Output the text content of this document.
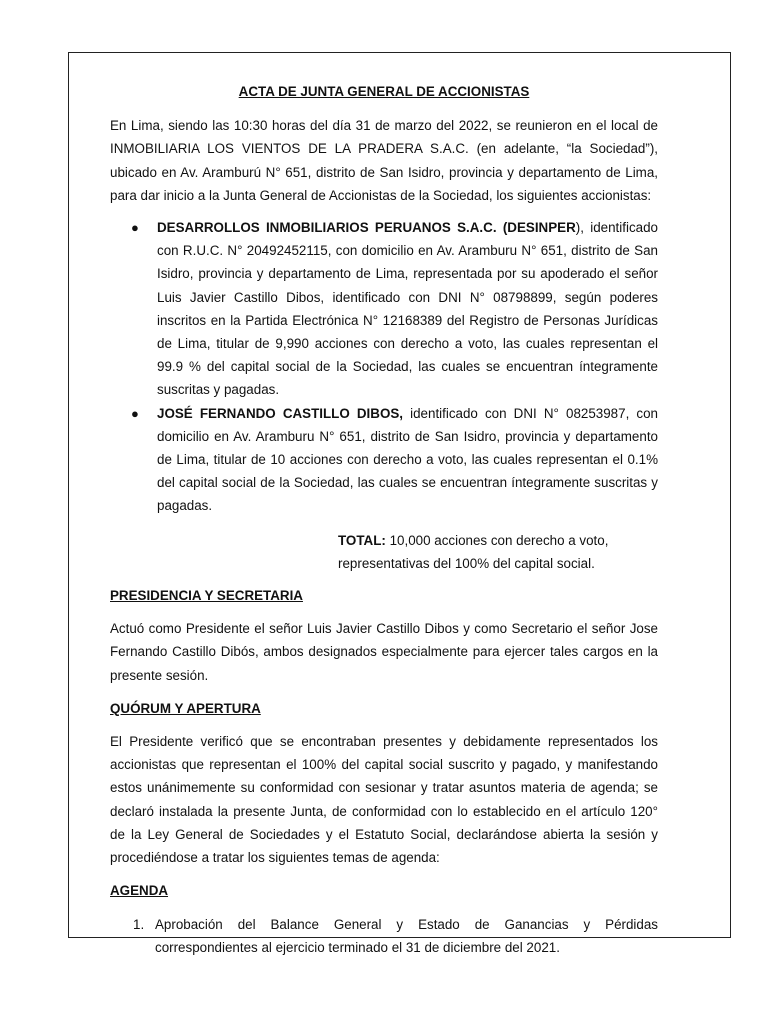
ACTA DE JUNTA GENERAL DE ACCIONISTAS

En Lima, siendo las 10:30 horas del día 31 de marzo del 2022, se reunieron en el local de INMOBILIARIA LOS VIENTOS DE LA PRADERA S.A.C. (en adelante, “la Sociedad”), ubicado en Av. Aramburú N° 651, distrito de San Isidro, provincia y departamento de Lima, para dar inicio a la Junta General de Accionistas de la Sociedad, los siguientes accionistas:

● DESARROLLOS INMOBILIARIOS PERUANOS S.A.C. (DESINPER), identificado con R.U.C. N° 20492452115, con domicilio en Av. Aramburu N° 651, distrito de San Isidro, provincia y departamento de Lima, representada por su apoderado el señor Luis Javier Castillo Dibos, identificado con DNI N° 08798899, según poderes inscritos en la Partida Electrónica N° 12168389 del Registro de Personas Jurídicas de Lima, titular de 9,990 acciones con derecho a voto, las cuales representan el 99.9 % del capital social de la Sociedad, las cuales se encuentran íntegramente suscritas y pagadas.
● JOSÉ FERNANDO CASTILLO DIBOS, identificado con DNI N° 08253987, con domicilio en Av. Aramburu N° 651, distrito de San Isidro, provincia y departamento de Lima, titular de 10 acciones con derecho a voto, las cuales representan el 0.1% del capital social de la Sociedad, las cuales se encuentran íntegramente suscritas y pagadas.

TOTAL: 10,000 acciones con derecho a voto, representativas del 100% del capital social.

PRESIDENCIA Y SECRETARIA

Actuó como Presidente el señor Luis Javier Castillo Dibos y como Secretario el señor Jose Fernando Castillo Dibós, ambos designados especialmente para ejercer tales cargos en la presente sesión.

QUÓRUM Y APERTURA

El Presidente verificó que se encontraban presentes y debidamente representados los accionistas que representan el 100% del capital social suscrito y pagado, y manifestando estos unánimemente su conformidad con sesionar y tratar asuntos materia de agenda; se declaró instalada la presente Junta, de conformidad con lo establecido en el artículo 120° de la Ley General de Sociedades y el Estatuto Social, declarándose abierta la sesión y procediéndose a tratar los siguientes temas de agenda:

AGENDA
1. Aprobación del Balance General y Estado de Ganancias y Pérdidas correspondientes al ejercicio terminado el 31 de diciembre del 2021.
